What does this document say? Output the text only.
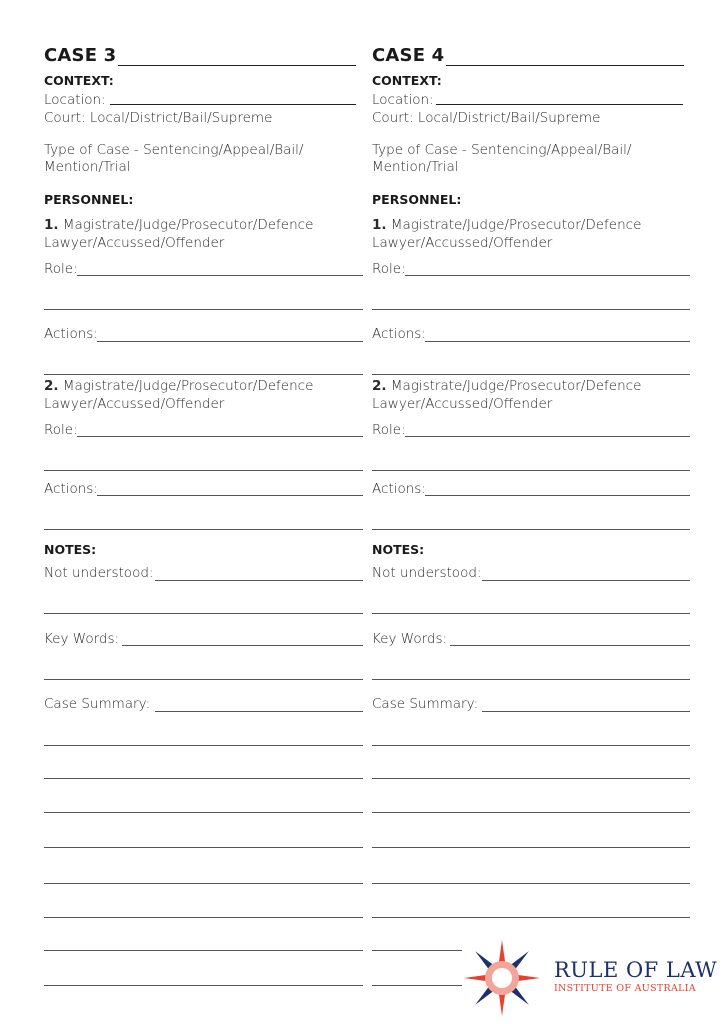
CASE 3
CONTEXT:
Location:
Court: Local/District/Bail/Supreme
Type of Case - Sentencing/Appeal/Bail/
Mention/Trial
PERSONNEL:
1. Magistrate/Judge/Prosecutor/Defence
Lawyer/Accussed/Offender
Role:
Actions:
2. Magistrate/Judge/Prosecutor/Defence
Lawyer/Accussed/Offender
Role:
Actions:
NOTES:
Not understood:
Key Words:
Case Summary:
CASE 4
CONTEXT:
Location:
Court: Local/District/Bail/Supreme
Type of Case - Sentencing/Appeal/Bail/
Mention/Trial
PERSONNEL:
1. Magistrate/Judge/Prosecutor/Defence
Lawyer/Accussed/Offender
Role:
Actions:
2. Magistrate/Judge/Prosecutor/Defence
Lawyer/Accussed/Offender
Role:
Actions:
NOTES:
Not understood:
Key Words:
Case Summary:
RULE OF LAW
INSTITUTE OF AUSTRALIA
